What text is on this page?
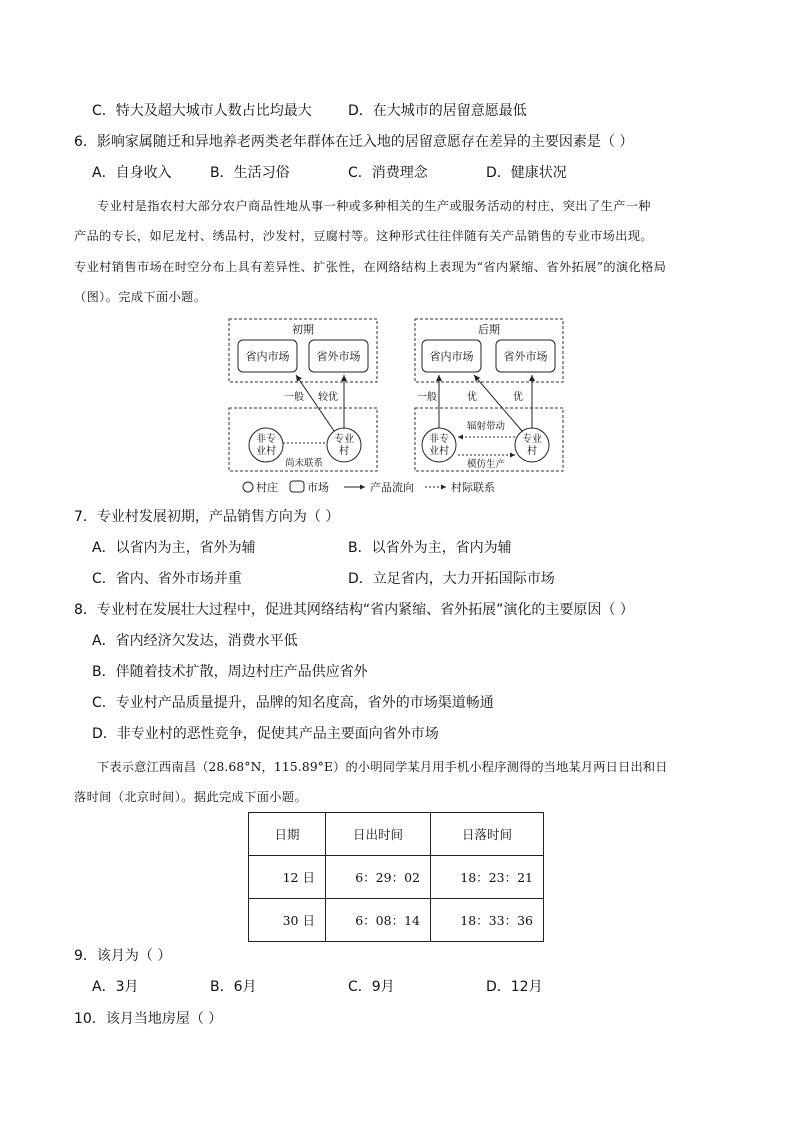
C．特大及超大城市人数占比均最大	D．在大城市的居留意愿最低
6．影响家属随迁和异地养老两类老年群体在迁入地的居留意愿存在差异的主要因素是（ ）
A．自身收入	B．生活习俗	C．消费理念	D．健康状况
专业村是指农村大部分农户商品性地从事一种或多种相关的生产或服务活动的村庄，突出了生产一种
产品的专长，如尼龙村、绣品村，沙发村，豆腐村等。这种形式往往伴随有关产品销售的专业市场出现。
专业村销售市场在时空分布上具有差异性、扩张性，在网络结构上表现为“省内紧缩、省外拓展”的演化格局
（图）。完成下面小题。
初期
省内市场 省外市场
非专
业村
专业
村
尚未联系
一般 较优
后期
省内市场	省外市场
非专
业村
专业
村
辐射带动
模仿生产
一般	优	优
村庄	市场	产品流向	村际联系
7．专业村发展初期，产品销售方向为（ ）
A．以省内为主，省外为辅	B．以省外为主，省内为辅
C．省内、省外市场并重	D．立足省内，大力开拓国际市场
8．专业村在发展壮大过程中，促进其网络结构“省内紧缩、省外拓展”演化的主要原因（ ）
A．省内经济欠发达，消费水平低
B．伴随着技术扩散，周边村庄产品供应省外
C．专业村产品质量提升，品牌的知名度高，省外的市场渠道畅通
D．非专业村的恶性竞争，促使其产品主要面向省外市场
下表示意江西南昌（28.68°N，115.89°E）的小明同学某月用手机小程序测得的当地某月两日日出和日
落时间（北京时间）。据此完成下面小题。
日期	日出时间	日落时间
12 日	6：29：02	18：23：21
30 日	6：08：14	18：33：36
9．该月为（ ）
A．3月	B．6月	C．9月	D．12月
10．该月当地房屋（ ）
